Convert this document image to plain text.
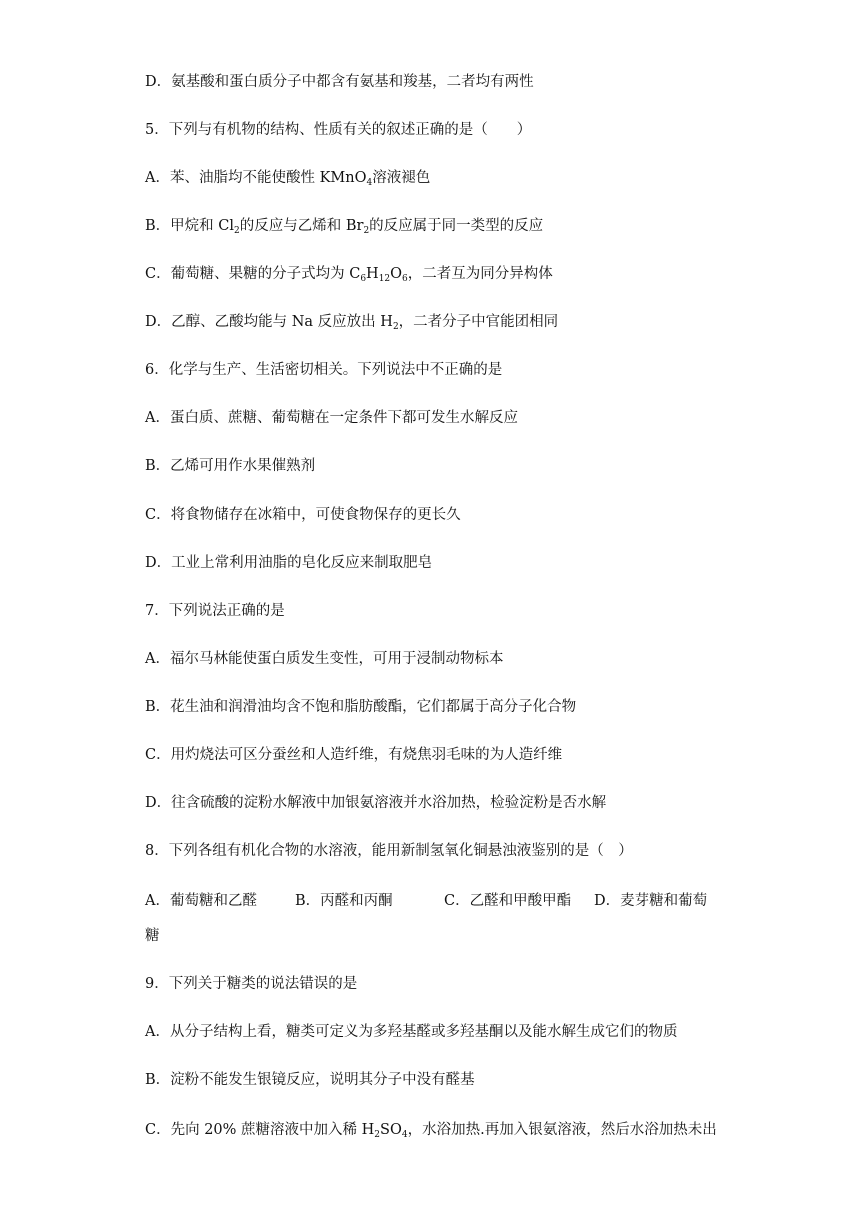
D．氨基酸和蛋白质分子中都含有氨基和羧基，二者均有两性
5．下列与有机物的结构、性质有关的叙述正确的是（　　）
A．苯、油脂均不能使酸性 KMnO$_4$溶液褪色
B．甲烷和 $Cl_2$的反应与乙烯和 $Br_2$的反应属于同一类型的反应
C．葡萄糖、果糖的分子式均为 $C_6H_{12}O_6$，二者互为同分异构体
D．乙醇、乙酸均能与 Na 反应放出 $H_2$，二者分子中官能团相同
6．化学与生产、生活密切相关。下列说法中不正确的是
A．蛋白质、蔗糖、葡萄糖在一定条件下都可发生水解反应
B．乙烯可用作水果催熟剂
C．将食物储存在冰箱中，可使食物保存的更长久
D．工业上常利用油脂的皂化反应来制取肥皂
7．下列说法正确的是
A．福尔马林能使蛋白质发生变性，可用于浸制动物标本
B．花生油和润滑油均含不饱和脂肪酸酯，它们都属于高分子化合物
C．用灼烧法可区分蚕丝和人造纤维，有烧焦羽毛味的为人造纤维
D．往含硫酸的淀粉水解液中加银氨溶液并水浴加热，检验淀粉是否水解
8．下列各组有机化合物的水溶液，能用新制氢氧化铜悬浊液鉴别的是（　）
A．葡萄糖和乙醛	B．丙醛和丙酮	C．乙醛和甲酸甲酯 D．麦芽糖和葡萄
糖
9．下列关于糖类的说法错误的是
A．从分子结构上看，糖类可定义为多羟基醛或多羟基酮以及能水解生成它们的物质
B．淀粉不能发生银镜反应，说明其分子中没有醛基
C．先向 20% 蔗糖溶液中加入稀 $H_2SO_4$，水浴加热.再加入银氨溶液，然后水浴加热未出
